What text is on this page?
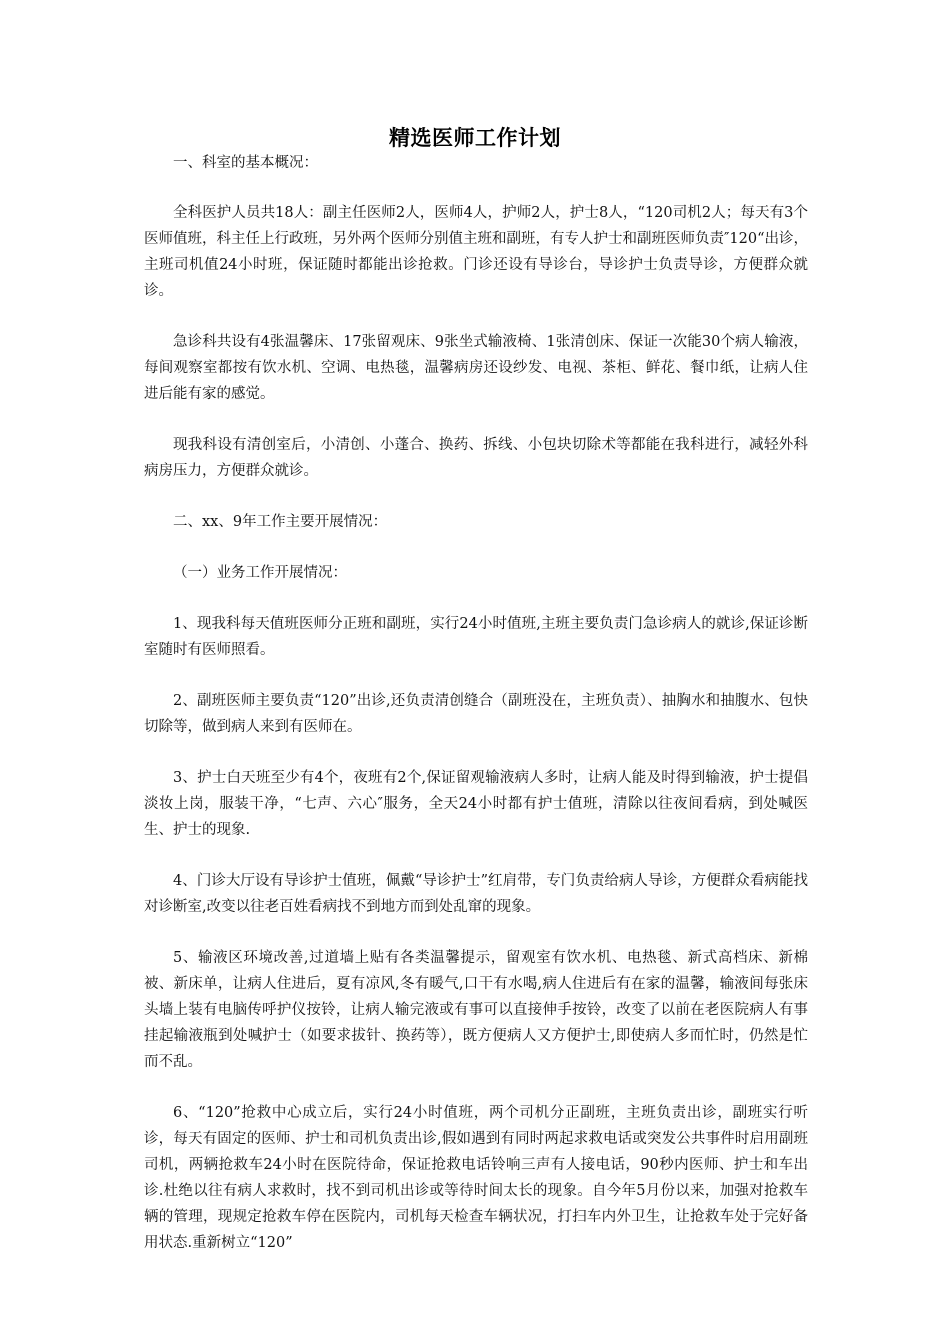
精选医师工作计划

一、科室的基本概况：

全科医护人员共18人：副主任医师2人，医师4人，护师2人，护士8人，“120司机2人；每天有3个医师值班，科主任上行政班，另外两个医师分别值主班和副班，有专人护士和副班医师负责″120“出诊，主班司机值24小时班，保证随时都能出诊抢救。门诊还设有导诊台，导诊护士负责导诊，方便群众就诊。

急诊科共设有4张温馨床、17张留观床、9张坐式输液椅、1张清创床、保证一次能30个病人输液，每间观察室都按有饮水机、空调、电热毯，温馨病房还设纱发、电视、茶柜、鲜花、餐巾纸，让病人住进后能有家的感觉。

现我科设有清创室后，小清创、小蓬合、换药、拆线、小包块切除术等都能在我科进行，减轻外科病房压力，方便群众就诊。

二、xx、9年工作主要开展情况：

（一）业务工作开展情况：

1、现我科每天值班医师分正班和副班，实行24小时值班,主班主要负责门急诊病人的就诊,保证诊断室随时有医师照看。

2、副班医师主要负责“120”出诊,还负责清创缝合（副班没在，主班负责）、抽胸水和抽腹水、包快切除等，做到病人来到有医师在。

3、护士白天班至少有4个，夜班有2个,保证留观输液病人多时，让病人能及时得到输液，护士提倡淡妆上岗，服装干净，“七声、六心″服务，全天24小时都有护士值班，清除以往夜间看病，到处喊医生、护士的现象.

4、门诊大厅设有导诊护士值班，佩戴“导诊护士”红肩带，专门负责给病人导诊，方便群众看病能找对诊断室,改变以往老百姓看病找不到地方而到处乱窜的现象。

5、输液区环境改善,过道墙上贴有各类温馨提示，留观室有饮水机、电热毯、新式高档床、新棉被、新床单，让病人住进后，夏有凉风,冬有暖气,口干有水喝,病人住进后有在家的温馨，输液间每张床头墙上装有电脑传呼护仪按铃，让病人输完液或有事可以直接伸手按铃，改变了以前在老医院病人有事挂起输液瓶到处喊护士（如要求拔针、换药等），既方便病人又方便护士,即使病人多而忙时，仍然是忙而不乱。

6、“120”抢救中心成立后，实行24小时值班，两个司机分正副班，主班负责出诊，副班实行听诊，每天有固定的医师、护士和司机负责出诊,假如遇到有同时两起求救电话或突发公共事件时启用副班司机，两辆抢救车24小时在医院待命，保证抢救电话铃响三声有人接电话，90秒内医师、护士和车出诊.杜绝以往有病人求救时，找不到司机出诊或等待时间太长的现象。自今年5月份以来，加强对抢救车辆的管理，现规定抢救车停在医院内，司机每天检查车辆状况，打扫车内外卫生，让抢救车处于完好备用状态.重新树立“120”
